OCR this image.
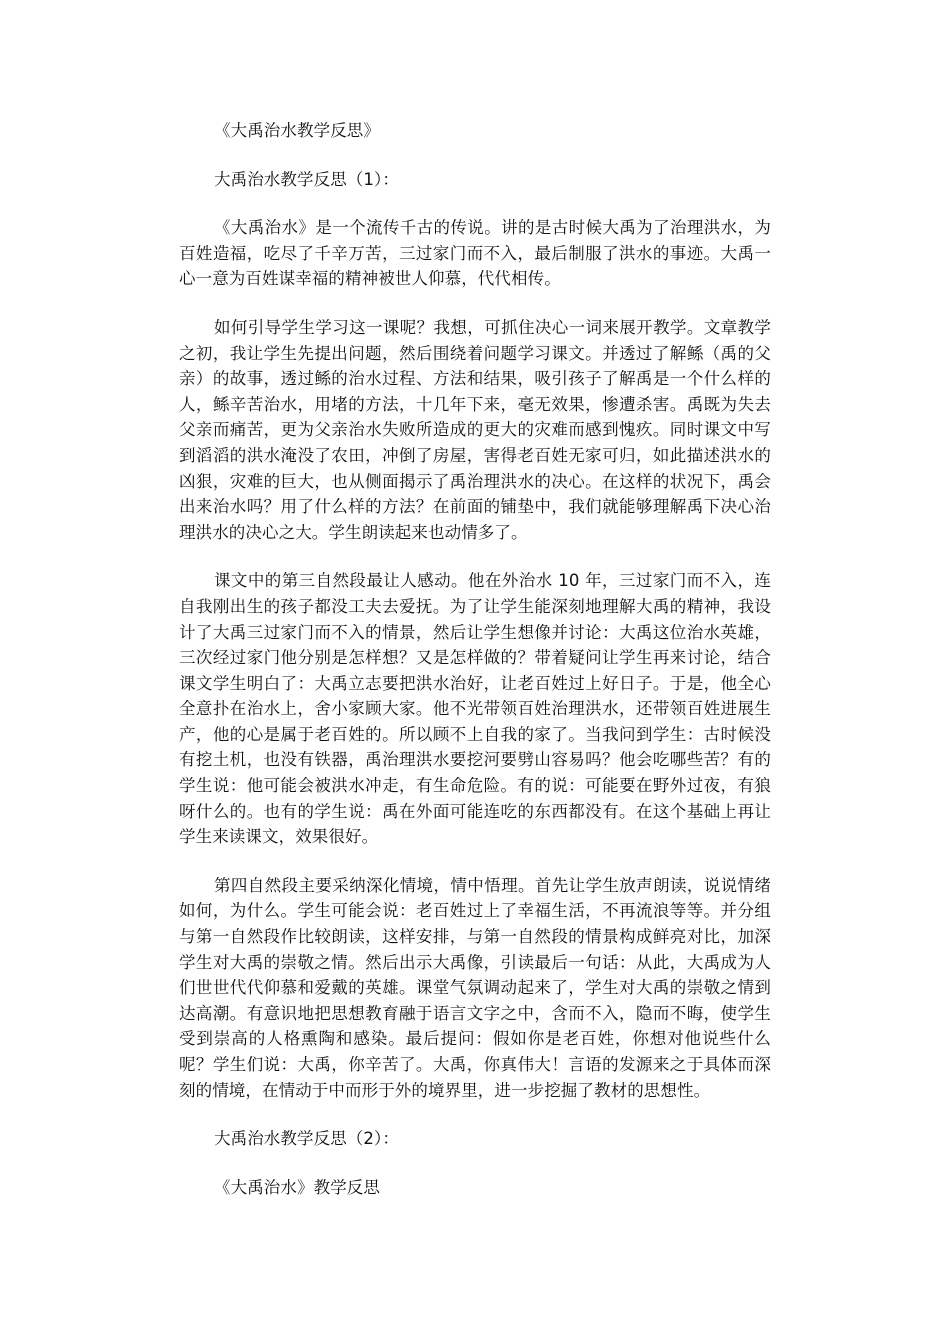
《大禹治水教学反思》

大禹治水教学反思（1）：

《大禹治水》是一个流传千古的传说。讲的是古时候大禹为了治理洪水，为百姓造福，吃尽了千辛万苦，三过家门而不入，最后制服了洪水的事迹。大禹一心一意为百姓谋幸福的精神被世人仰慕，代代相传。

如何引导学生学习这一课呢？我想，可抓住决心一词来展开教学。文章教学之初，我让学生先提出问题，然后围绕着问题学习课文。并透过了解鲧（禹的父亲）的故事，透过鲧的治水过程、方法和结果，吸引孩子了解禹是一个什么样的人，鲧辛苦治水，用堵的方法，十几年下来，毫无效果，惨遭杀害。禹既为失去父亲而痛苦，更为父亲治水失败所造成的更大的灾难而感到愧疚。同时课文中写到滔滔的洪水淹没了农田，冲倒了房屋，害得老百姓无家可归，如此描述洪水的凶狠，灾难的巨大，也从侧面揭示了禹治理洪水的决心。在这样的状况下，禹会出来治水吗？用了什么样的方法？在前面的铺垫中，我们就能够理解禹下决心治理洪水的决心之大。学生朗读起来也动情多了。

课文中的第三自然段最让人感动。他在外治水 10 年，三过家门而不入，连自我刚出生的孩子都没工夫去爱抚。为了让学生能深刻地理解大禹的精神，我设计了大禹三过家门而不入的情景，然后让学生想像并讨论：大禹这位治水英雄，三次经过家门他分别是怎样想？又是怎样做的？带着疑问让学生再来讨论，结合课文学生明白了：大禹立志要把洪水治好，让老百姓过上好日子。于是，他全心全意扑在治水上，舍小家顾大家。他不光带领百姓治理洪水，还带领百姓进展生产，他的心是属于老百姓的。所以顾不上自我的家了。当我问到学生：古时候没有挖土机，也没有铁器，禹治理洪水要挖河要劈山容易吗？他会吃哪些苦？有的学生说：他可能会被洪水冲走，有生命危险。有的说：可能要在野外过夜，有狼呀什么的。也有的学生说：禹在外面可能连吃的东西都没有。在这个基础上再让学生来读课文，效果很好。

第四自然段主要采纳深化情境，情中悟理。首先让学生放声朗读，说说情绪如何，为什么。学生可能会说：老百姓过上了幸福生活，不再流浪等等。并分组与第一自然段作比较朗读，这样安排，与第一自然段的情景构成鲜亮对比，加深学生对大禹的崇敬之情。然后出示大禹像，引读最后一句话：从此，大禹成为人们世世代代仰慕和爱戴的英雄。课堂气氛调动起来了，学生对大禹的崇敬之情到达高潮。有意识地把思想教育融于语言文字之中，含而不入，隐而不晦，使学生受到崇高的人格熏陶和感染。最后提问：假如你是老百姓，你想对他说些什么呢？学生们说：大禹，你辛苦了。大禹，你真伟大！言语的发源来之于具体而深刻的情境，在情动于中而形于外的境界里，进一步挖掘了教材的思想性。

大禹治水教学反思（2）：

《大禹治水》教学反思
